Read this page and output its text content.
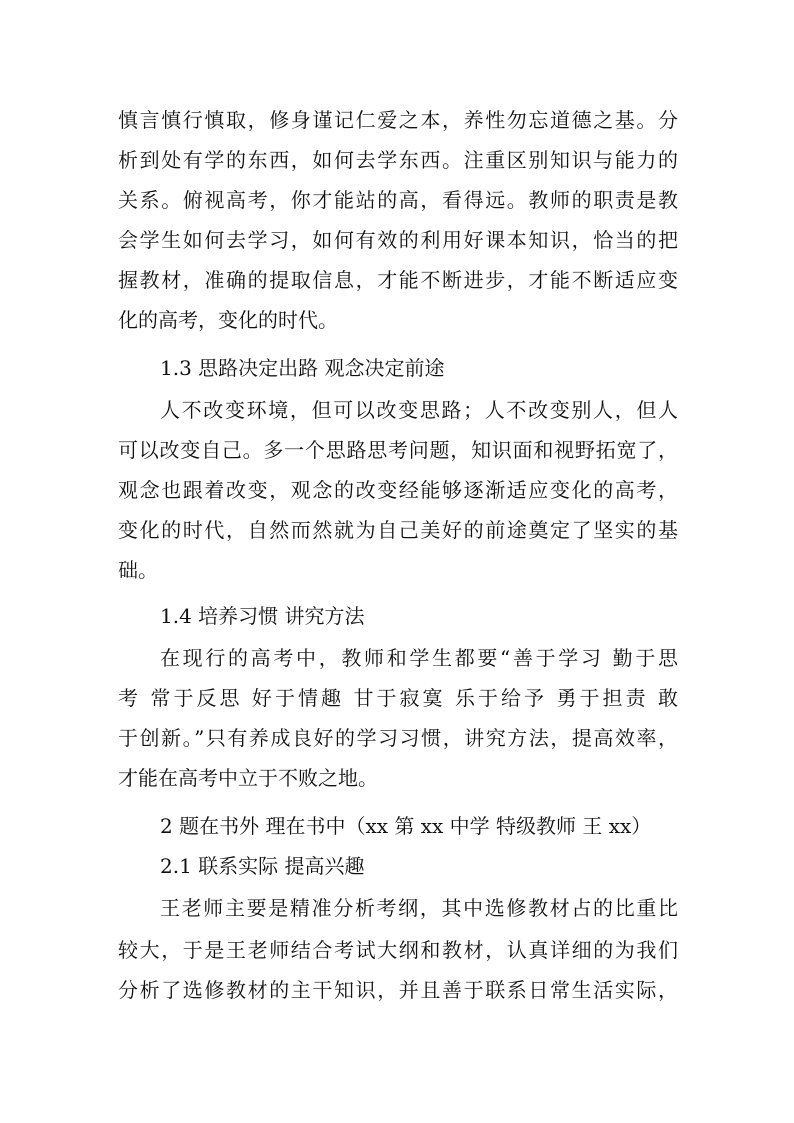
慎言慎行慎取，修身谨记仁爱之本，养性勿忘道德之基。分
析到处有学的东西，如何去学东西。注重区别知识与能力的
关系。俯视高考，你才能站的高，看得远。教师的职责是教
会学生如何去学习，如何有效的利用好课本知识，恰当的把
握教材，准确的提取信息，才能不断进步，才能不断适应变
化的高考，变化的时代。
1.3 思路决定出路 观念决定前途
人不改变环境，但可以改变思路；人不改变别人，但人
可以改变自己。多一个思路思考问题，知识面和视野拓宽了，
观念也跟着改变，观念的改变经能够逐渐适应变化的高考，
变化的时代，自然而然就为自己美好的前途奠定了坚实的基
础。
1.4 培养习惯 讲究方法
在现行的高考中，教师和学生都要“善于学习 勤于思
考 常于反思 好于情趣 甘于寂寞 乐于给予 勇于担责 敢
于创新。”只有养成良好的学习习惯，讲究方法，提高效率，
才能在高考中立于不败之地。
2 题在书外 理在书中（xx 第 xx 中学 特级教师 王 xx）
2.1 联系实际 提高兴趣
王老师主要是精准分析考纲，其中选修教材占的比重比
较大，于是王老师结合考试大纲和教材，认真详细的为我们
分析了选修教材的主干知识，并且善于联系日常生活实际，
